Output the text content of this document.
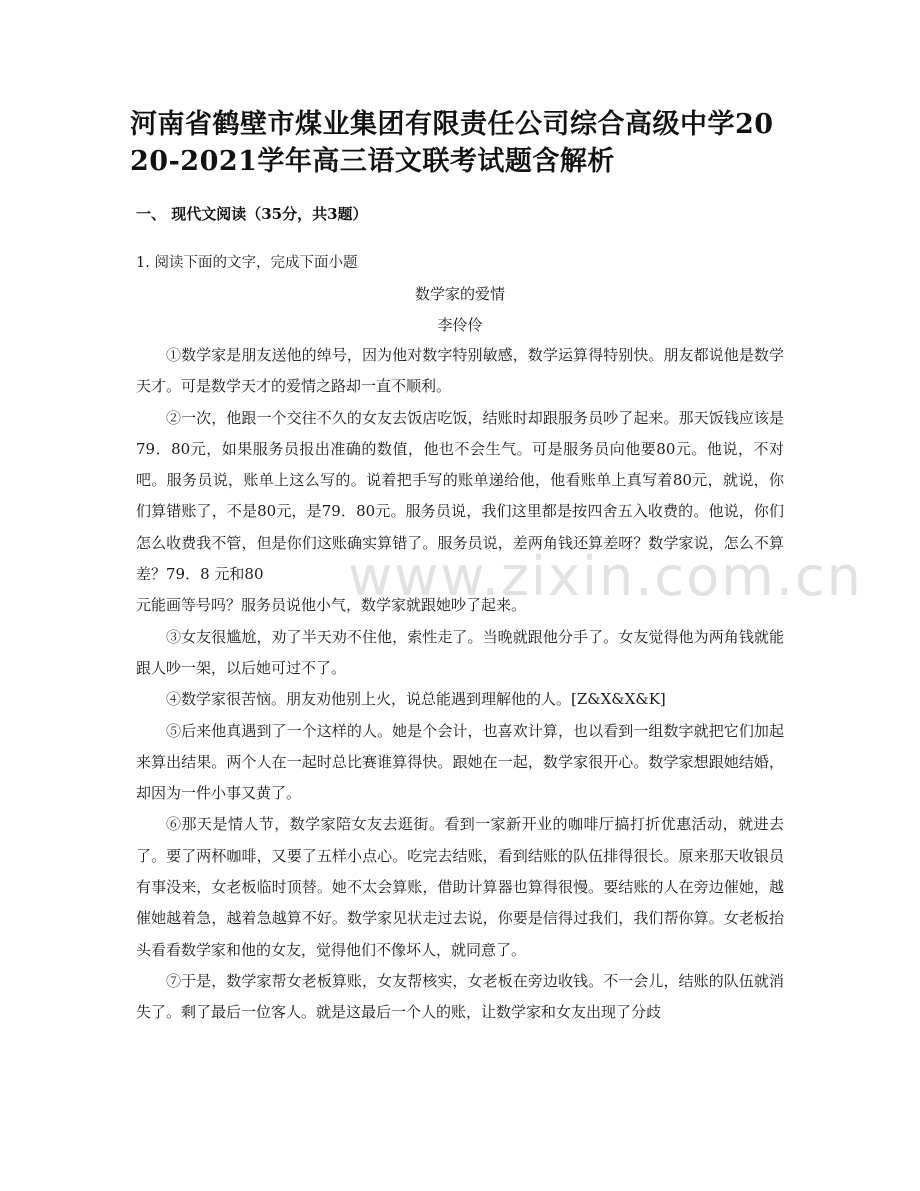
河南省鹤壁市煤业集团有限责任公司综合高级中学2020-2021学年高三语文联考试题含解析
一、 现代文阅读（35分，共3题）
1. 阅读下面的文字，完成下面小题
数学家的爱情
李伶伶

①数学家是朋友送他的绰号，因为他对数字特别敏感，数学运算得特别快。朋友都说他是数学天才。可是数学天才的爱情之路却一直不顺利。

②一次，他跟一个交往不久的女友去饭店吃饭，结账时却跟服务员吵了起来。那天饭钱应该是79．80元，如果服务员报出准确的数值，他也不会生气。可是服务员向他要80元。他说，不对吧。服务员说，账单上这么写的。说着把手写的账单递给他，他看账单上真写着80元，就说，你们算错账了，不是80元，是79．80元。服务员说，我们这里都是按四舍五入收费的。他说，你们怎么收费我不管，但是你们这账确实算错了。服务员说，差两角钱还算差呀？数学家说，怎么不算差？79．8 元和80

元能画等号吗？服务员说他小气，数学家就跟她吵了起来。

③女友很尴尬，劝了半天劝不住他，索性走了。当晚就跟他分手了。女友觉得他为两角钱就能跟人吵一架，以后她可过不了。

④数学家很苦恼。朋友劝他别上火，说总能遇到理解他的人。[Z&X&X&K]

⑤后来他真遇到了一个这样的人。她是个会计，也喜欢计算，也以看到一组数字就把它们加起来算出结果。两个人在一起时总比赛谁算得快。跟她在一起，数学家很开心。数学家想跟她结婚，却因为一件小事又黄了。

⑥那天是情人节，数学家陪女友去逛街。看到一家新开业的咖啡厅搞打折优惠活动，就进去了。要了两杯咖啡，又要了五样小点心。吃完去结账，看到结账的队伍排得很长。原来那天收银员有事没来，女老板临时顶替。她不太会算账，借助计算器也算得很慢。要结账的人在旁边催她，越催她越着急，越着急越算不好。数学家见状走过去说，你要是信得过我们，我们帮你算。女老板抬头看看数学家和他的女友，觉得他们不像坏人，就同意了。

⑦于是，数学家帮女老板算账，女友帮核实，女老板在旁边收钱。不一会儿，结账的队伍就消失了。剩了最后一位客人。就是这最后一个人的账，让数学家和女友出现了分歧

www.zixin.com.cn
